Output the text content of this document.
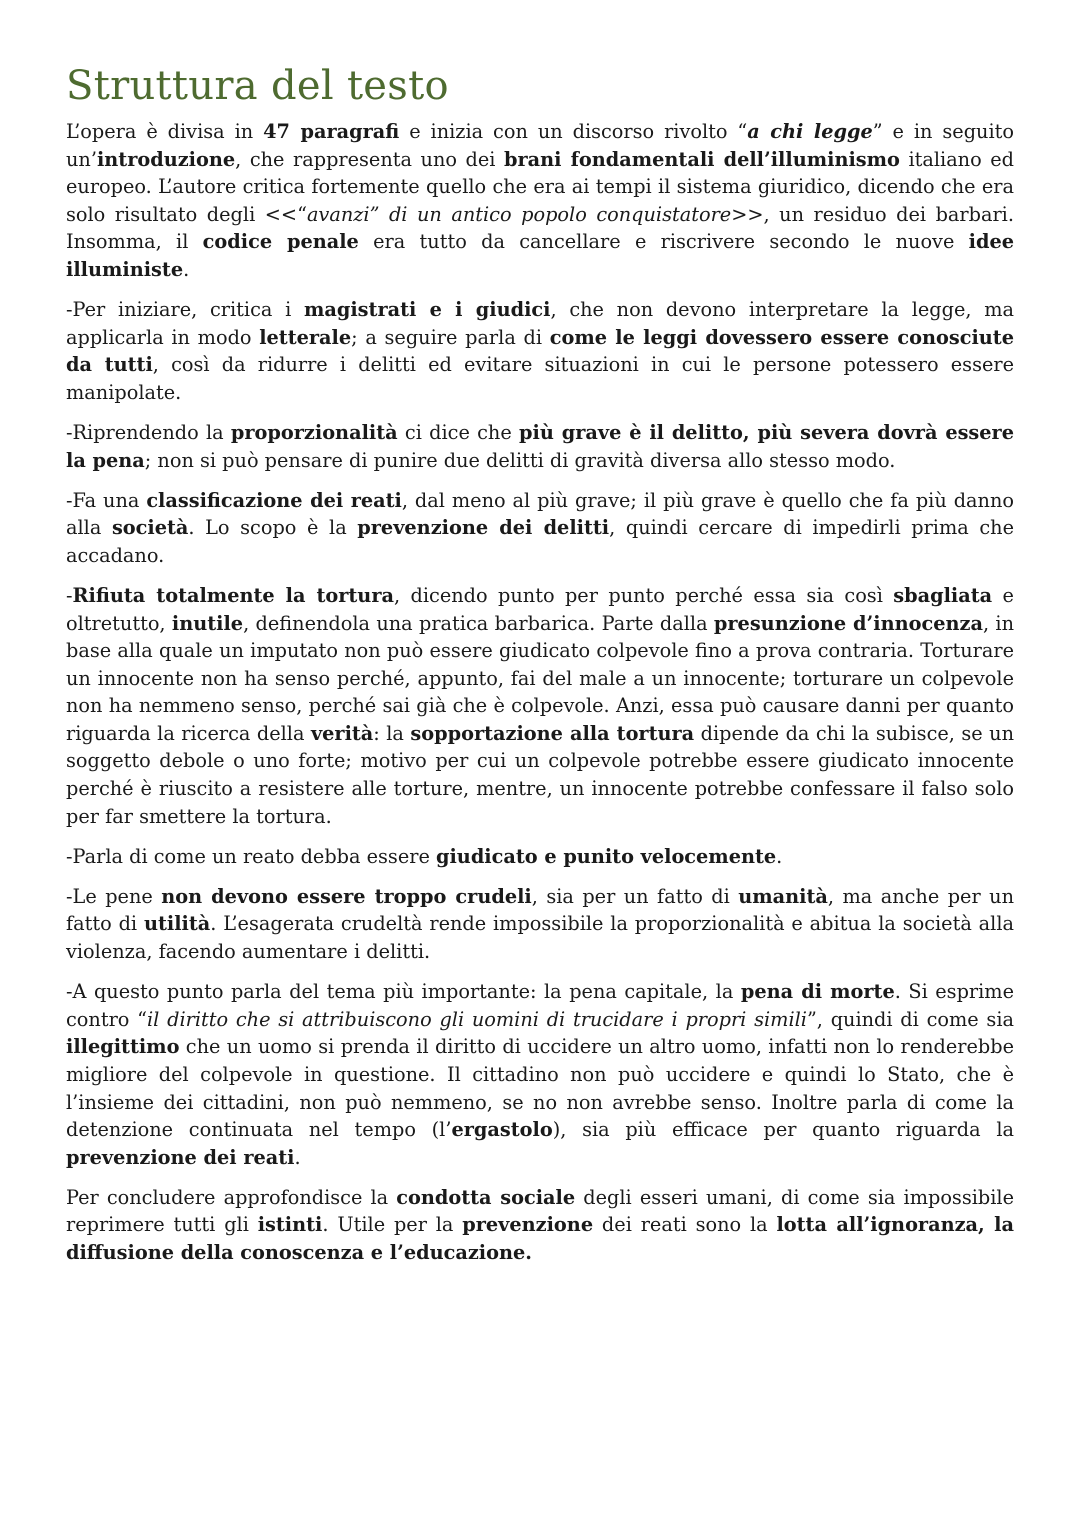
Struttura del testo

L’opera è divisa in 47 paragrafi e inizia con un discorso rivolto “a chi legge” e in seguito un’introduzione, che rappresenta uno dei brani fondamentali dell’illuminismo italiano ed europeo. L’autore critica fortemente quello che era ai tempi il sistema giuridico, dicendo che era solo risultato degli <<“avanzi” di un antico popolo conquistatore>>, un residuo dei barbari. Insomma, il codice penale era tutto da cancellare e riscrivere secondo le nuove idee illuministe.

-Per iniziare, critica i magistrati e i giudici, che non devono interpretare la legge, ma applicarla in modo letterale; a seguire parla di come le leggi dovessero essere conosciute da tutti, così da ridurre i delitti ed evitare situazioni in cui le persone potessero essere manipolate.

-Riprendendo la proporzionalità ci dice che più grave è il delitto, più severa dovrà essere la pena; non si può pensare di punire due delitti di gravità diversa allo stesso modo.

-Fa una classificazione dei reati, dal meno al più grave; il più grave è quello che fa più danno alla società. Lo scopo è la prevenzione dei delitti, quindi cercare di impedirli prima che accadano.

-Rifiuta totalmente la tortura, dicendo punto per punto perché essa sia così sbagliata e oltretutto, inutile, definendola una pratica barbarica. Parte dalla presunzione d’innocenza, in base alla quale un imputato non può essere giudicato colpevole fino a prova contraria. Torturare un innocente non ha senso perché, appunto, fai del male a un innocente; torturare un colpevole non ha nemmeno senso, perché sai già che è colpevole. Anzi, essa può causare danni per quanto riguarda la ricerca della verità: la sopportazione alla tortura dipende da chi la subisce, se un soggetto debole o uno forte; motivo per cui un colpevole potrebbe essere giudicato innocente perché è riuscito a resistere alle torture, mentre, un innocente potrebbe confessare il falso solo per far smettere la tortura.

-Parla di come un reato debba essere giudicato e punito velocemente.

-Le pene non devono essere troppo crudeli, sia per un fatto di umanità, ma anche per un fatto di utilità. L’esagerata crudeltà rende impossibile la proporzionalità e abitua la società alla violenza, facendo aumentare i delitti.

-A questo punto parla del tema più importante: la pena capitale, la pena di morte. Si esprime contro “il diritto che si attribuiscono gli uomini di trucidare i propri simili”, quindi di come sia illegittimo che un uomo si prenda il diritto di uccidere un altro uomo, infatti non lo renderebbe migliore del colpevole in questione. Il cittadino non può uccidere e quindi lo Stato, che è l’insieme dei cittadini, non può nemmeno, se no non avrebbe senso. Inoltre parla di come la detenzione continuata nel tempo (l’ergastolo), sia più efficace per quanto riguarda la prevenzione dei reati.

Per concludere approfondisce la condotta sociale degli esseri umani, di come sia impossibile reprimere tutti gli istinti. Utile per la prevenzione dei reati sono la lotta all’ignoranza, la diffusione della conoscenza e l’educazione.
